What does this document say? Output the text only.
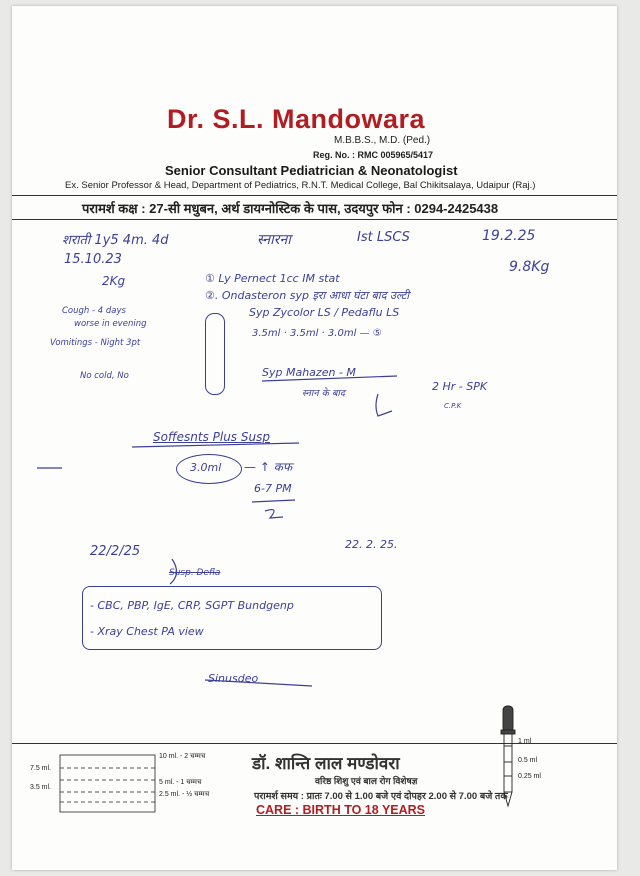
Dr. S.L. Mandowara

M.B.B.S., M.D. (Ped.)

Reg. No. : RMC 005965/5417

Senior Consultant Pediatrician & Neonatologist

Ex. Senior Professor & Head, Department of Pediatrics, R.N.T. Medical College, Bal Chikitsalaya, Udaipur (Raj.)

परामर्श कक्ष : 27-सी मधुबन, अर्थ डायग्नोस्टिक के पास, उदयपुर फोन : 0294-2425438

शराती 1y5 4m. 4d	स्नारना	Ist LSCS	19.2.25

15.10.23	9.8Kg

2Kg	① Ly Pernect 1cc IM stat

②. Ondasteron syp इरा आधा घंटा बाद उल्टी

Cough - 4 days

worse in evening

Vomitings - Night 3pt

No cold, No

Syp Zycolor LS / Pedaflu LS

3.5ml · 3.5ml · 3.0ml — ⑤

Syp Mahazen - M

स्नान के बाद

2 Hr - SPK

C.P.K

Soffesnts Plus Susp

3.0ml — ↑ कफ

6-7 PM

22/2/25	22. 2. 25.

Susp. Defla

- CBC, PBP, IgE, CRP, SGPT Bundgenp

- Xray Chest PA view

Sinusdeo

7.5 ml.

3.5 ml.

10 ml. - 2 चम्मच

5 ml. - 1 चम्मच

2.5 ml. - ½ चम्मच

डॉ. शान्ति लाल मण्डोवरा

वरिष्ठ शिशु एवं बाल रोग विशेषज्ञ

परामर्श समय : प्रातः 7.00 से 1.00 बजे एवं दोपहर 2.00 से 7.00 बजे तक

CARE : BIRTH TO 18 YEARS

1 ml

0.5 ml

0.25 ml
